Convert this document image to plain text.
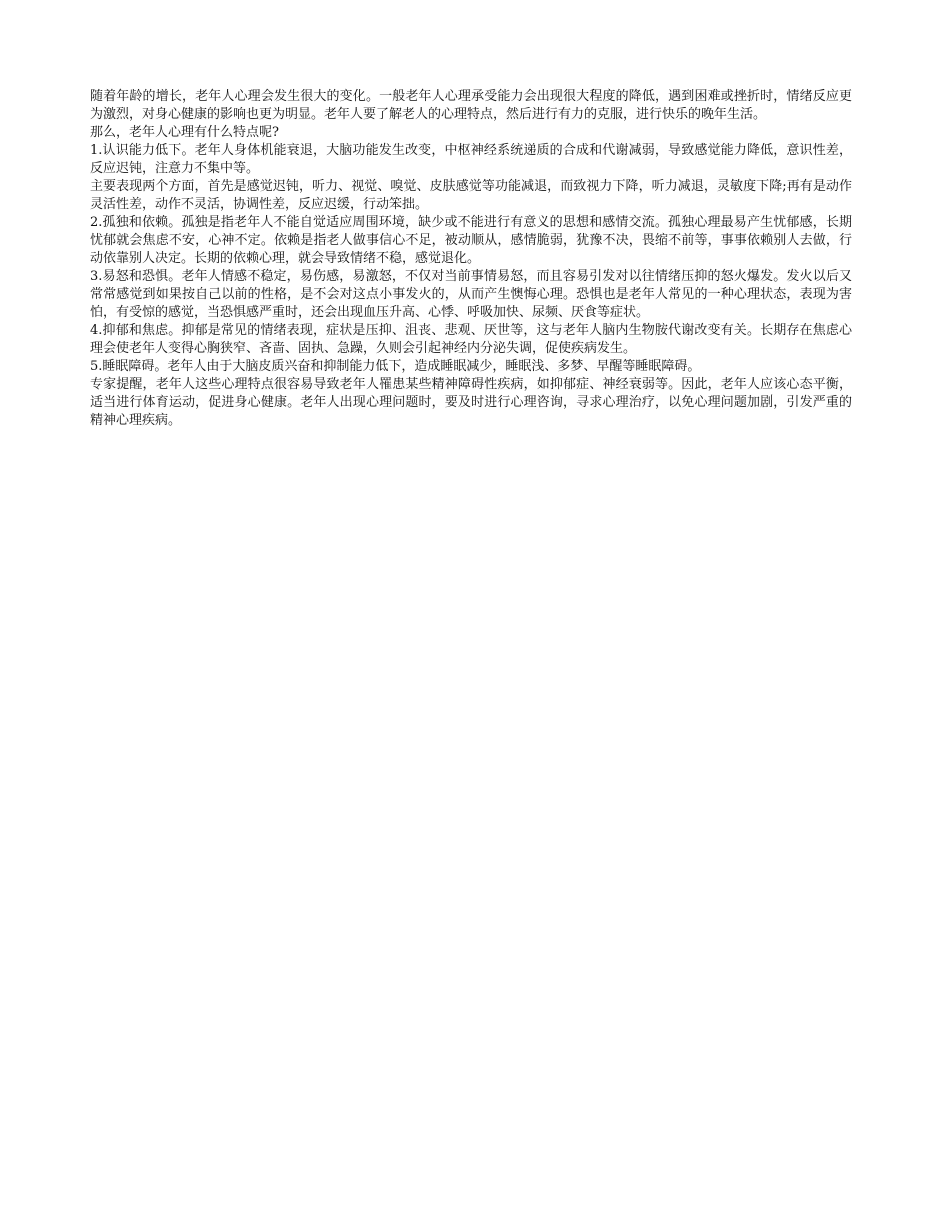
随着年龄的增长，老年人心理会发生很大的变化。一般老年人心理承受能力会出现很大程度的降低，遇到困难或挫折时，情绪反应更为激烈，对身心健康的影响也更为明显。老年人要了解老人的心理特点，然后进行有力的克服，进行快乐的晚年生活。

那么，老年人心理有什么特点呢?

1.认识能力低下。老年人身体机能衰退，大脑功能发生改变，中枢神经系统递质的合成和代谢减弱，导致感觉能力降低，意识性差，反应迟钝，注意力不集中等。

主要表现两个方面，首先是感觉迟钝，听力、视觉、嗅觉、皮肤感觉等功能减退，而致视力下降，听力减退，灵敏度下降;再有是动作灵活性差，动作不灵活，协调性差，反应迟缓，行动笨拙。

2.孤独和依赖。孤独是指老年人不能自觉适应周围环境，缺少或不能进行有意义的思想和感情交流。孤独心理最易产生忧郁感，长期忧郁就会焦虑不安，心神不定。依赖是指老人做事信心不足，被动顺从，感情脆弱，犹豫不决，畏缩不前等，事事依赖别人去做，行动依靠别人决定。长期的依赖心理，就会导致情绪不稳，感觉退化。

3.易怒和恐惧。老年人情感不稳定，易伤感，易激怒，不仅对当前事情易怒，而且容易引发对以往情绪压抑的怒火爆发。发火以后又常常感觉到如果按自己以前的性格，是不会对这点小事发火的，从而产生懊悔心理。恐惧也是老年人常见的一种心理状态，表现为害怕，有受惊的感觉，当恐惧感严重时，还会出现血压升高、心悸、呼吸加快、尿频、厌食等症状。

4.抑郁和焦虑。抑郁是常见的情绪表现，症状是压抑、沮丧、悲观、厌世等，这与老年人脑内生物胺代谢改变有关。长期存在焦虑心理会使老年人变得心胸狭窄、吝啬、固执、急躁，久则会引起神经内分泌失调，促使疾病发生。

5.睡眠障碍。老年人由于大脑皮质兴奋和抑制能力低下，造成睡眠减少，睡眠浅、多梦、早醒等睡眠障碍。

专家提醒，老年人这些心理特点很容易导致老年人罹患某些精神障碍性疾病，如抑郁症、神经衰弱等。因此，老年人应该心态平衡，适当进行体育运动，促进身心健康。老年人出现心理问题时，要及时进行心理咨询，寻求心理治疗，以免心理问题加剧，引发严重的精神心理疾病。
